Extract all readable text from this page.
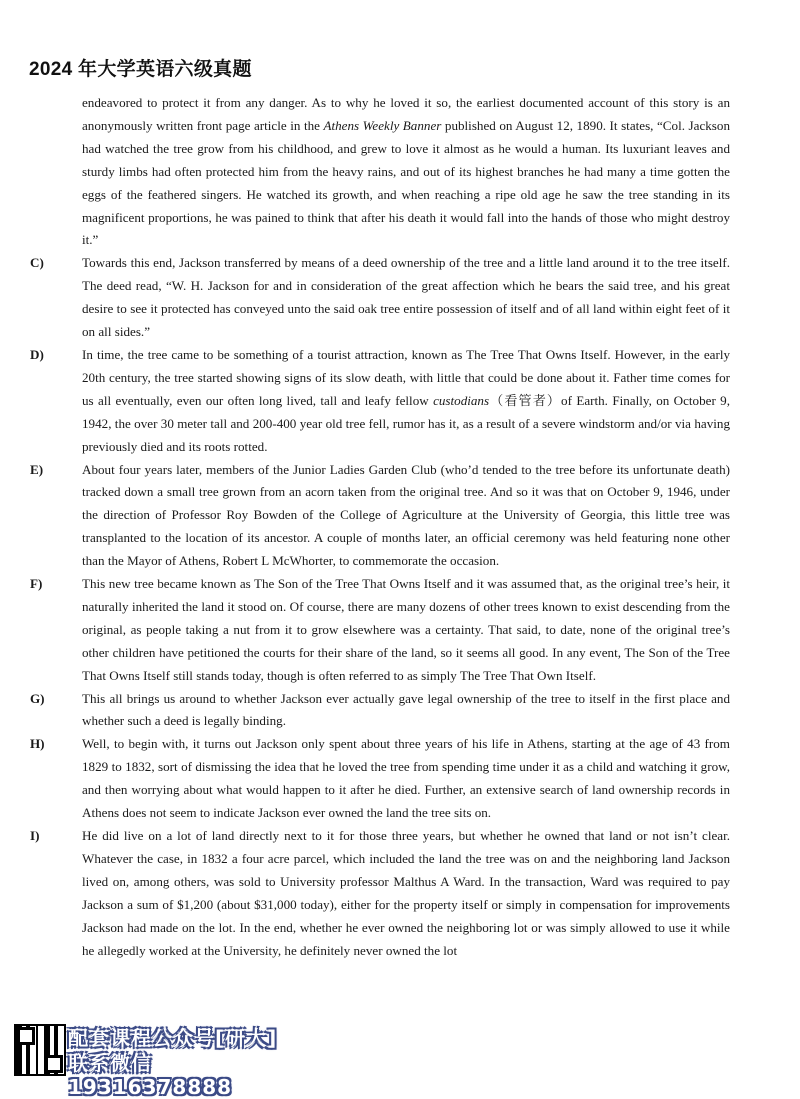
2024 年大学英语六级真题

endeavored to protect it from any danger. As to why he loved it so, the earliest documented account of this story is an anonymously written front page article in the Athens Weekly Banner published on August 12, 1890. It states, “Col. Jackson had watched the tree grow from his childhood, and grew to love it almost as he would a human. Its luxuriant leaves and sturdy limbs had often protected him from the heavy rains, and out of its highest branches he had many a time gotten the eggs of the feathered singers. He watched its growth, and when reaching a ripe old age he saw the tree standing in its magnificent proportions, he was pained to think that after his death it would fall into the hands of those who might destroy it.”

C)	Towards this end, Jackson transferred by means of a deed ownership of the tree and a little land around it to the tree itself. The deed read, “W. H. Jackson for and in consideration of the great affection which he bears the said tree, and his great desire to see it protected has conveyed unto the said oak tree entire possession of itself and of all land within eight feet of it on all sides.”

D)	In time, the tree came to be something of a tourist attraction, known as The Tree That Owns Itself. However, in the early 20th century, the tree started showing signs of its slow death, with little that could be done about it. Father time comes for us all eventually, even our often long lived, tall and leafy fellow custodians（看管者）of Earth. Finally, on October 9, 1942, the over 30 meter tall and 200-400 year old tree fell, rumor has it, as a result of a severe windstorm and/or via having previously died and its roots rotted.

E)	About four years later, members of the Junior Ladies Garden Club (who’d tended to the tree before its unfortunate death) tracked down a small tree grown from an acorn taken from the original tree. And so it was that on October 9, 1946, under the direction of Professor Roy Bowden of the College of Agriculture at the University of Georgia, this little tree was transplanted to the location of its ancestor. A couple of months later, an official ceremony was held featuring none other than the Mayor of Athens, Robert L McWhorter, to commemorate the occasion.

F)	This new tree became known as The Son of the Tree That Owns Itself and it was assumed that, as the original tree’s heir, it naturally inherited the land it stood on. Of course, there are many dozens of other trees known to exist descending from the original, as people taking a nut from it to grow elsewhere was a certainty. That said, to date, none of the original tree’s other children have petitioned the courts for their share of the land, so it seems all good. In any event, The Son of the Tree That Owns Itself still stands today, though is often referred to as simply The Tree That Own Itself.

G)	This all brings us around to whether Jackson ever actually gave legal ownership of the tree to itself in the first place and whether such a deed is legally binding.

H)	Well, to begin with, it turns out Jackson only spent about three years of his life in Athens, starting at the age of 43 from 1829 to 1832, sort of dismissing the idea that he loved the tree from spending time under it as a child and watching it grow, and then worrying about what would happen to it after he died. Further, an extensive search of land ownership records in Athens does not seem to indicate Jackson ever owned the land the tree sits on.

I)	He did live on a lot of land directly next to it for those three years, but whether he owned that land or not isn’t clear. Whatever the case, in 1832 a four acre parcel, which included the land the tree was on and the neighboring land Jackson lived on, among others, was sold to University professor Malthus A Ward. In the transaction, Ward was required to pay Jackson a sum of $1,200 (about $31,000 today), either for the property itself or simply in compensation for improvements Jackson had made on the lot. In the end, whether he ever owned the neighboring lot or was simply allowed to use it while he allegedly worked at the University, he definitely never owned the lot

配套课程公众号[研大]
联系微信19316378888
